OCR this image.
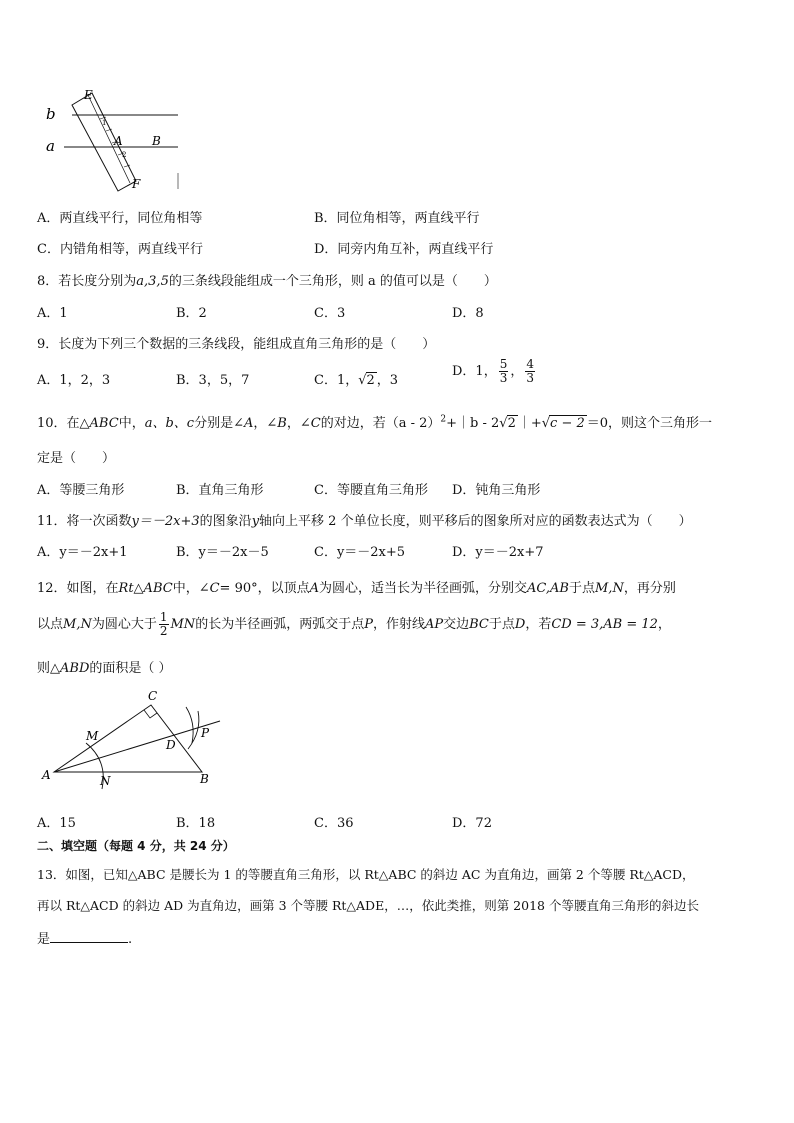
E
b
a	A B
F
1
2
A．两直线平行，同位角相等	B．同位角相等，两直线平行
C．内错角相等，两直线平行	D．同旁内角互补，两直线平行
8．若长度分别为a,3,5的三条线段能组成一个三角形，则 a 的值可以是（　　）
A．1	B．2	C．3	D．8
9．长度为下列三个数据的三条线段，能组成直角三角形的是（　　）
A．1，2，3	B．3，5，7	C．1，√2 ，3
D．1， $\frac{5}{3}$ ， $\frac{4}{3}$
10．在△ABC中，a、b、c分别是∠A，∠B，∠C的对边，若（a - 2）$^2$+｜b - 2√2 ｜+√c − 2 ＝0，则这个三角形一
定是（　　）
A．等腰三角形	B．直角三角形	C．等腰直角三角形 D．钝角三角形
11．将一次函数y＝－2x+3的图象沿y轴向上平移 2 个单位长度，则平移后的图象所对应的函数表达式为（　　）
A．y＝－2x+1	B．y＝－2x－5	C．y＝－2x+5	D．y＝－2x+7
12．如图，在Rt△ABC中，∠C= 90°，以顶点A为圆心，适当长为半径画弧，分别交AC,AB于点M,N，再分别
以点M,N为圆心大于 $\frac{1}{2}$ MN的长为半径画弧，两弧交于点P，作射线AP交边BC于点D，若CD = 3,AB = 12，
则△ABD的面积是（ ）
C
M
D
P
A	N	B
A．15	B．18	C．36	D．72
二、填空题（每题 4 分，共 24 分）
13．如图，已知△ABC 是腰长为 1 的等腰直角三角形，以 Rt△ABC 的斜边 AC 为直角边，画第 2 个等腰 Rt△ACD，
再以 Rt△ACD 的斜边 AD 为直角边，画第 3 个等腰 Rt△ADE，…，依此类推，则第 2018 个等腰直角三角形的斜边长
是	.
